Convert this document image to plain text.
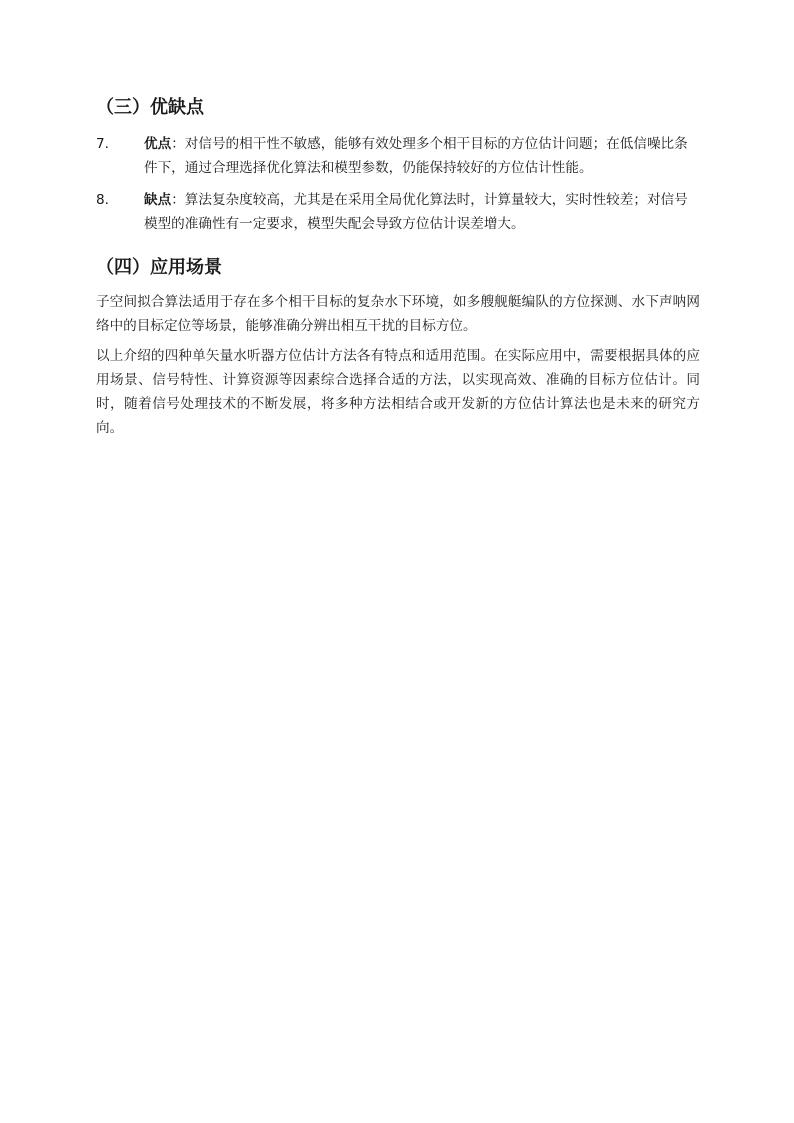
（三）优缺点
7.	优点：对信号的相干性不敏感，能够有效处理多个相干目标的方位估计问题；在低信噪比条件下，通过合理选择优化算法和模型参数，仍能保持较好的方位估计性能。
8.	缺点：算法复杂度较高，尤其是在采用全局优化算法时，计算量较大，实时性较差；对信号模型的准确性有一定要求，模型失配会导致方位估计误差增大。
（四）应用场景

子空间拟合算法适用于存在多个相干目标的复杂水下环境，如多艘舰艇编队的方位探测、水下声呐网络中的目标定位等场景，能够准确分辨出相互干扰的目标方位。

以上介绍的四种单矢量水听器方位估计方法各有特点和适用范围。在实际应用中，需要根据具体的应用场景、信号特性、计算资源等因素综合选择合适的方法，以实现高效、准确的目标方位估计。同时，随着信号处理技术的不断发展，将多种方法相结合或开发新的方位估计算法也是未来的研究方向。
